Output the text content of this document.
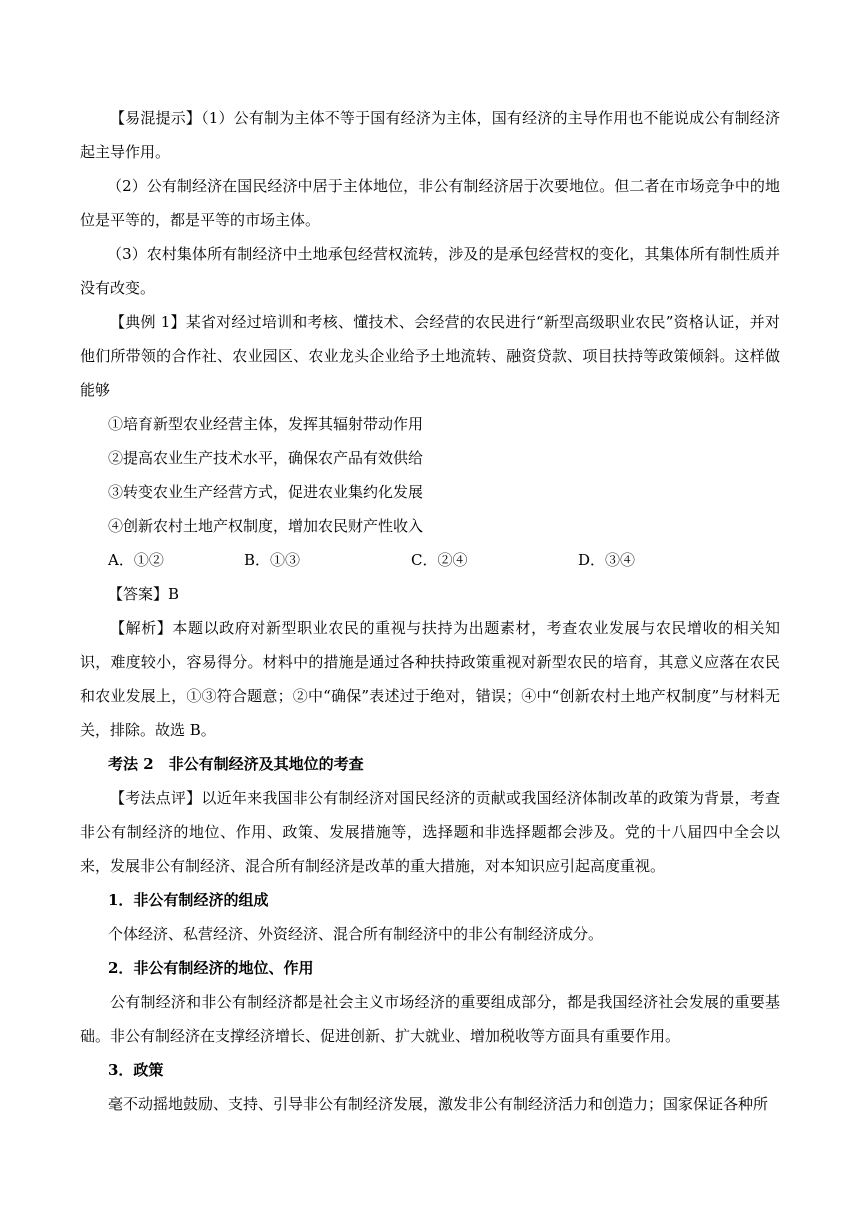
【易混提示】（1）公有制为主体不等于国有经济为主体，国有经济的主导作用也不能说成公有制经济起主导作用。

（2）公有制经济在国民经济中居于主体地位，非公有制经济居于次要地位。但二者在市场竞争中的地位是平等的，都是平等的市场主体。

（3）农村集体所有制经济中土地承包经营权流转，涉及的是承包经营权的变化，其集体所有制性质并没有改变。

【典例 1】某省对经过培训和考核、懂技术、会经营的农民进行“新型高级职业农民”资格认证，并对他们所带领的合作社、农业园区、农业龙头企业给予土地流转、融资贷款、项目扶持等政策倾斜。这样做能够

①培育新型农业经营主体，发挥其辐射带动作用
②提高农业生产技术水平，确保农产品有效供给
③转变农业生产经营方式，促进农业集约化发展
④创新农村土地产权制度，增加农民财产性收入
A．①②	B．①③	C．②④	D．③④
【答案】B

【解析】本题以政府对新型职业农民的重视与扶持为出题素材，考查农业发展与农民增收的相关知识，难度较小，容易得分。材料中的措施是通过各种扶持政策重视对新型农民的培育，其意义应落在农民和农业发展上，①③符合题意；②中“确保”表述过于绝对，错误；④中“创新农村土地产权制度”与材料无关，排除。故选 B。

考法 2　非公有制经济及其地位的考查

【考法点评】以近年来我国非公有制经济对国民经济的贡献或我国经济体制改革的政策为背景，考查非公有制经济的地位、作用、政策、发展措施等，选择题和非选择题都会涉及。党的十八届四中全会以来，发展非公有制经济、混合所有制经济是改革的重大措施，对本知识应引起高度重视。

1．非公有制经济的组成
个体经济、私营经济、外资经济、混合所有制经济中的非公有制经济成分。
2．非公有制经济的地位、作用

公有制经济和非公有制经济都是社会主义市场经济的重要组成部分，都是我国经济社会发展的重要基础。非公有制经济在支撑经济增长、促进创新、扩大就业、增加税收等方面具有重要作用。

3．政策
毫不动摇地鼓励、支持、引导非公有制经济发展，激发非公有制经济活力和创造力；国家保证各种所
